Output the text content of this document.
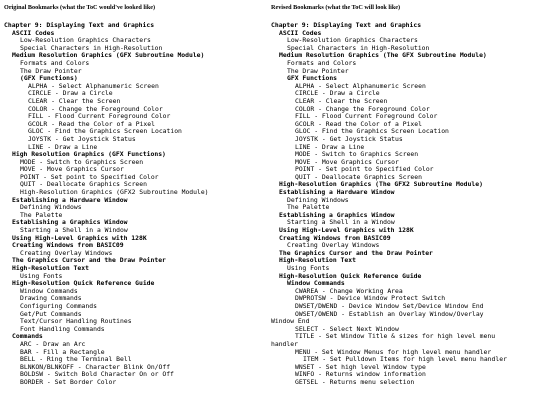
Original Bookmarks (what the ToC would've looked like)
Chapter 9: Displaying Text and Graphics
ASCII Codes
Low-Resolution Graphics Characters
Special Characters in High-Resolution
Medium Resolution Graphics (GFX Subroutine Module)
Formats and Colors
The Draw Pointer
(GFX Functions)
ALPHA - Select Alphanumeric Screen
CIRCLE - Draw a Circle
CLEAR - Clear the Screen
COLOR - Change the Foreground Color
FILL - Flood Current Foreground Color
GCOLR - Read the Color of a Pixel
GLOC - Find the Graphics Screen Location
JOYSTK - Get Joystick Status
LINE - Draw a Line
High Resolution Graphics (GFX Functions)
MODE - Switch to Graphics Screen
MOVE - Move Graphics Cursor
POINT - Set point to Specified Color
QUIT - Deallocate Graphics Screen
High-Resolution Graphics (GFX2 Subroutine Module)
Establishing a Hardware Window
Defining Windows
The Palette
Establishing a Graphics Window
Starting a Shell in a Window
Using High-Level Graphics with 128K
Creating Windows from BASIC09
Creating Overlay Windows
The Graphics Cursor and the Draw Pointer
High-Resolution Text
Using Fonts
High-Resolution Quick Reference Guide
Window Commands
Drawing Commands
Configuring Commands
Get/Put Commands
Text/Cursor Handling Routines
Font Handling Commands
Commands
ARC - Draw an Arc
BAR - Fill a Rectangle
BELL - Ring the Terminal Bell
BLNKON/BLNKOFF - Character Blink On/Off
BOLDSW - Switch Bold Character On or Off
BORDER - Set Border Color
Revised Bookmarks (what the ToC will look like)
Chapter 9: Displaying Text and Graphics
ASCII Codes
Low-Resolution Graphics Characters
Special Characters in High-Resolution
Medium Resolution Graphics (The GFX Subroutine Module)
Formats and Colors
The Draw Pointer
GFX Functions
ALPHA - Select Alphanumeric Screen
CIRCLE - Draw a Circle
CLEAR - Clear the Screen
COLOR - Change the Foreground Color
FILL - Flood Current Foreground Color
GCOLR - Read the Color of a Pixel
GLOC - Find the Graphics Screen Location
JOYSTK - Get Joystick Status
LINE - Draw a Line
MODE - Switch to Graphics Screen
MOVE - Move Graphics Cursor
POINT - Set point to Specified Color
QUIT - Deallocate Graphics Screen
High-Resolution Graphics (The GFX2 Subroutine Module)
Establishing a Hardware Window
Defining Windows
The Palette
Establishing a Graphics Window
Starting a Shell in a Window
Using High-Level Graphics with 128K
Creating Windows from BASIC09
Creating Overlay Windows
The Graphics Cursor and the Draw Pointer
High-Resolution Text
Using Fonts
High-Resolution Quick Reference Guide
Window Commands
CWAREA - Change Working Area
DWPROTSW - Device Window Protect Switch
DWSET/DWEND - Device Window Set/Device Window End
OWSET/OWEND - Establish an Overlay Window/Overlay
Window End
SELECT - Select Next Window
TITLE - Set Window Title & sizes for high level menu
handler
MENU - Set Window Menus for high level menu handler
ITEM - Set Pulldown Items for high level menu handler
WNSET - Set high level Window type
WINFO - Returns window information
GETSEL - Returns menu selection
